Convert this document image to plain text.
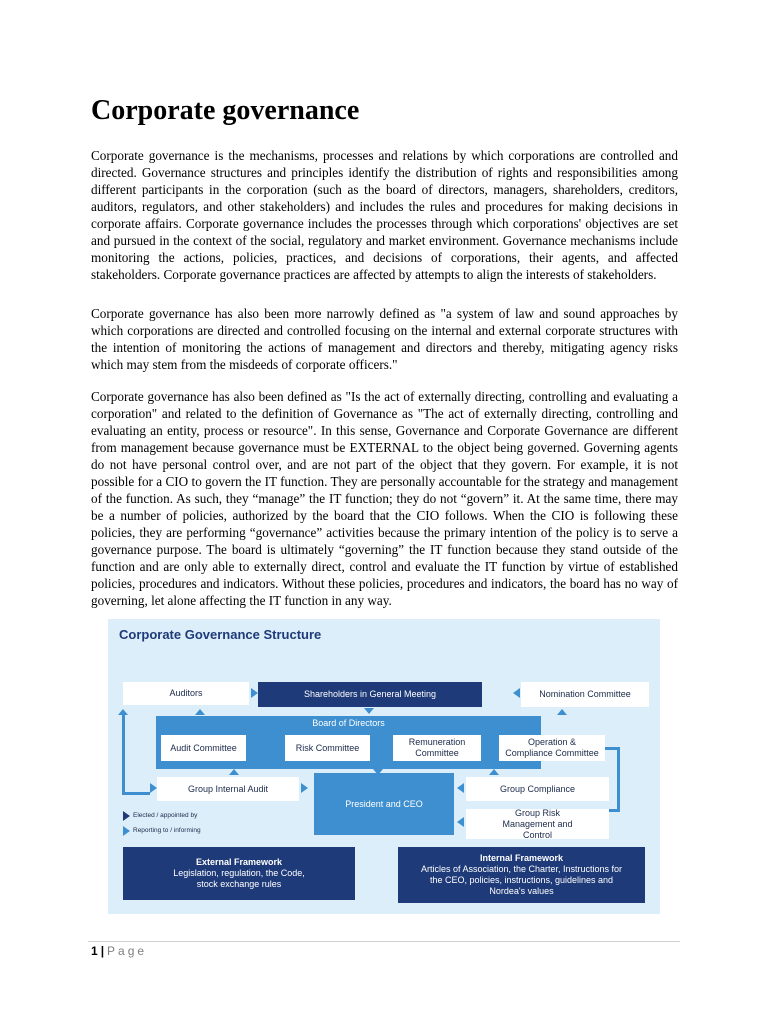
Corporate governance

Corporate governance is the mechanisms, processes and relations by which corporations are controlled and directed. Governance structures and principles identify the distribution of rights and responsibilities among different participants in the corporation (such as the board of directors, managers, shareholders, creditors, auditors, regulators, and other stakeholders) and includes the rules and procedures for making decisions in corporate affairs. Corporate governance includes the processes through which corporations' objectives are set and pursued in the context of the social, regulatory and market environment. Governance mechanisms include monitoring the actions, policies, practices, and decisions of corporations, their agents, and affected stakeholders. Corporate governance practices are affected by attempts to align the interests of stakeholders.

Corporate governance has also been more narrowly defined as "a system of law and sound approaches by which corporations are directed and controlled focusing on the internal and external corporate structures with the intention of monitoring the actions of management and directors and thereby, mitigating agency risks which may stem from the misdeeds of corporate officers."

Corporate governance has also been defined as "Is the act of externally directing, controlling and evaluating a corporation" and related to the definition of Governance as "The act of externally directing, controlling and evaluating an entity, process or resource". In this sense, Governance and Corporate Governance are different from management because governance must be EXTERNAL to the object being governed. Governing agents do not have personal control over, and are not part of the object that they govern. For example, it is not possible for a CIO to govern the IT function. They are personally accountable for the strategy and management of the function. As such, they “manage” the IT function; they do not “govern” it. At the same time, there may be a number of policies, authorized by the board that the CIO follows. When the CIO is following these policies, they are performing “governance” activities because the primary intention of the policy is to serve a governance purpose. The board is ultimately “governing” the IT function because they stand outside of the function and are only able to externally direct, control and evaluate the IT function by virtue of established policies, procedures and indicators. Without these policies, procedures and indicators, the board has no way of governing, let alone affecting the IT function in any way.

Corporate Governance Structure
Auditors	Shareholders in General Meeting	Nomination Committee
Board of Directors
Audit Committee	Risk Committee
Remuneration Committee
Operation & Compliance Committee
Group Internal Audit
President and CEO
Group Compliance
Group Risk Management and Control
Elected / appointed by
Reporting to / informing
External Framework
Legislation, regulation, the Code, stock exchange rules
Internal Framework
Articles of Association, the Charter, Instructions for the CEO, policies, instructions, guidelines and Nordea's values
1 | Page
